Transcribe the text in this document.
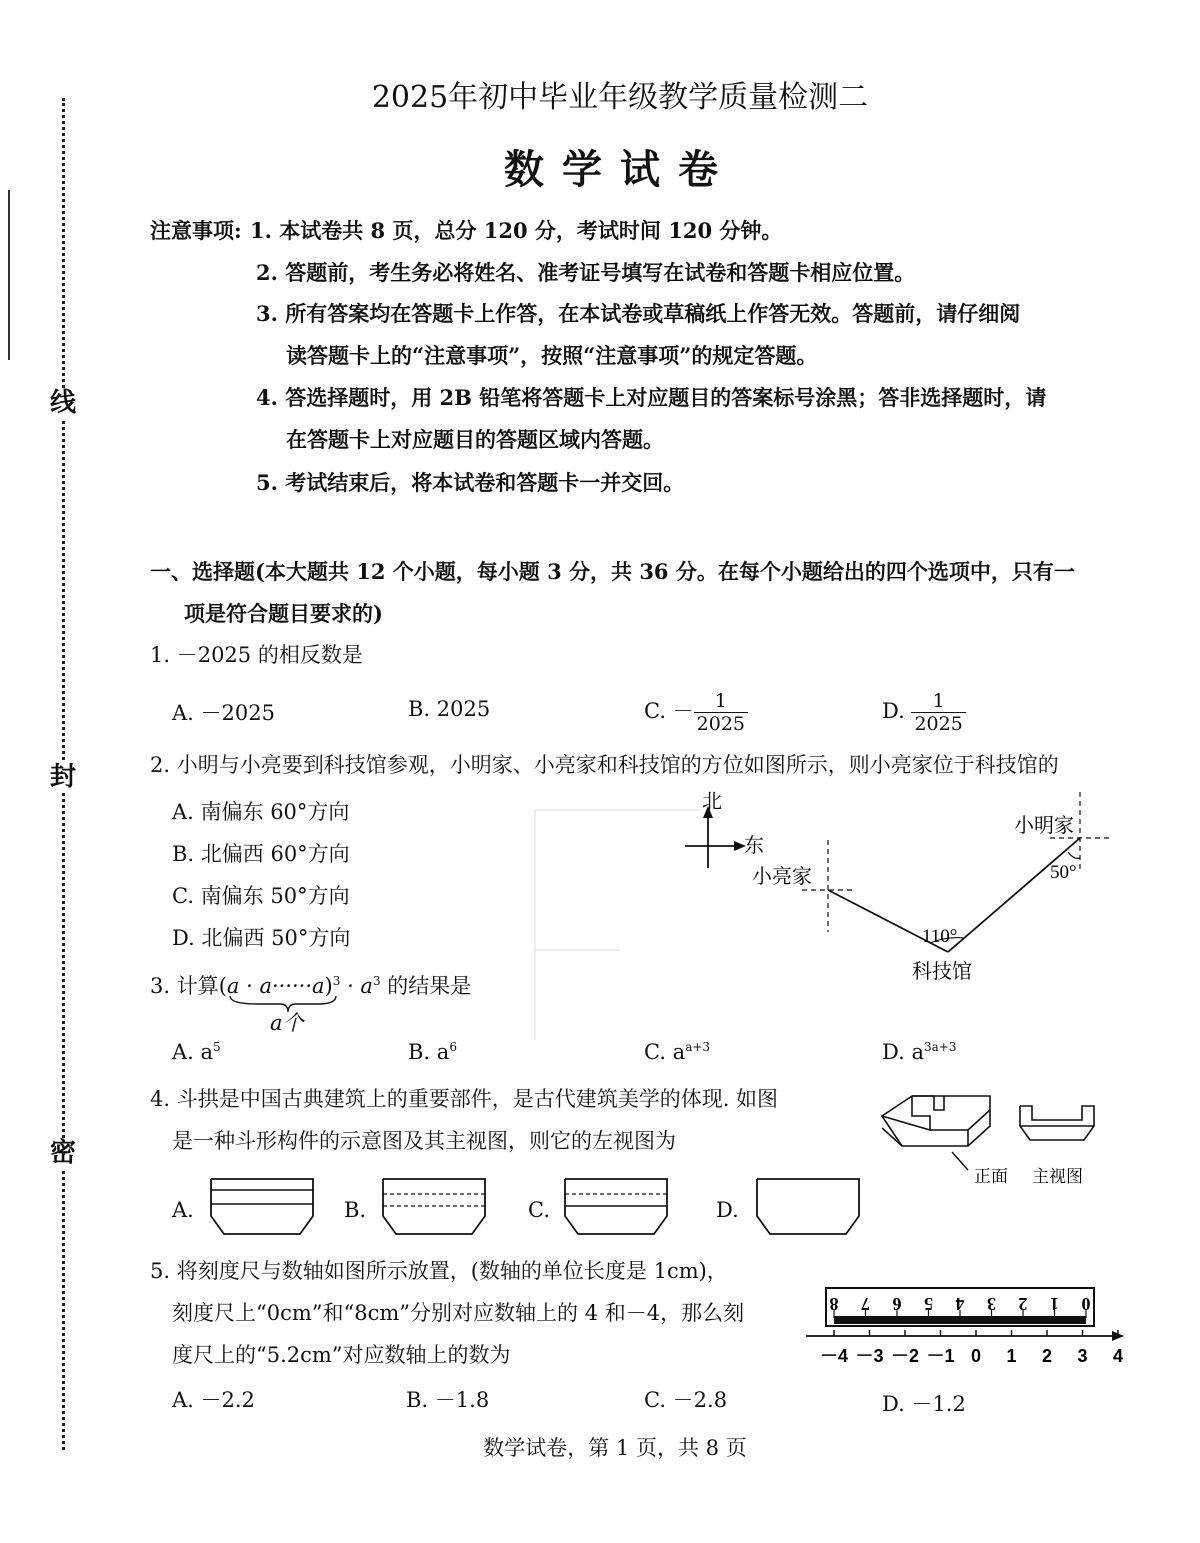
线
封
密
2025年初中毕业年级教学质量检测二
数学试卷
注意事项: 1. 本试卷共 8 页，总分 120 分，考试时间 120 分钟。
2. 答题前，考生务必将姓名、准考证号填写在试卷和答题卡相应位置。
3. 所有答案均在答题卡上作答，在本试卷或草稿纸上作答无效。答题前，请仔细阅
读答题卡上的“注意事项”，按照“注意事项”的规定答题。
4. 答选择题时，用 2B 铅笔将答题卡上对应题目的答案标号涂黑；答非选择题时，请
在答题卡上对应题目的答题区域内答题。
5. 考试结束后，将本试卷和答题卡一并交回。
一、选择题(本大题共 12 个小题，每小题 3 分，共 36 分。在每个小题给出的四个选项中，只有一
项是符合题目要求的)
1. －2025 的相反数是
A. －2025	B. 2025	C. － $\frac{1}{2025}$	D. $\frac{1}{2025}$
2. 小明与小亮要到科技馆参观，小明家、小亮家和科技馆的方位如图所示，则小亮家位于科技馆的
A. 南偏东 60°方向
B. 北偏西 60°方向
C. 南偏东 50°方向
D. 北偏西 50°方向
北
东
小亮家
小明家
50°
110°
科技馆
3. 计算$(a \cdot a\cdot\cdot\cdot\cdot\cdot\cdot a)^3 \cdot a^3$ 的结果是
a个
A. $a^5$	B. $a^6$	C. $a^{a+3}$	D. $a^{3a+3}$
4. 斗拱是中国古典建筑上的重要部件，是古代建筑美学的体现. 如图
是一种斗形构件的示意图及其主视图，则它的左视图为
正面 主视图
A.	B.	C.	D.
5. 将刻度尺与数轴如图所示放置，(数轴的单位长度是 1cm)，
刻度尺上“0cm”和“8cm”分别对应数轴上的 4 和－4，那么刻
度尺上的“5.2cm”对应数轴上的数为
8 7 6 5 4 3 2 1 0
－4 －3 －2 －1 0 1 2 3 4
A. －2.2	B. －1.8	C. －2.8	D. －1.2
数学试卷，第 1 页，共 8 页
